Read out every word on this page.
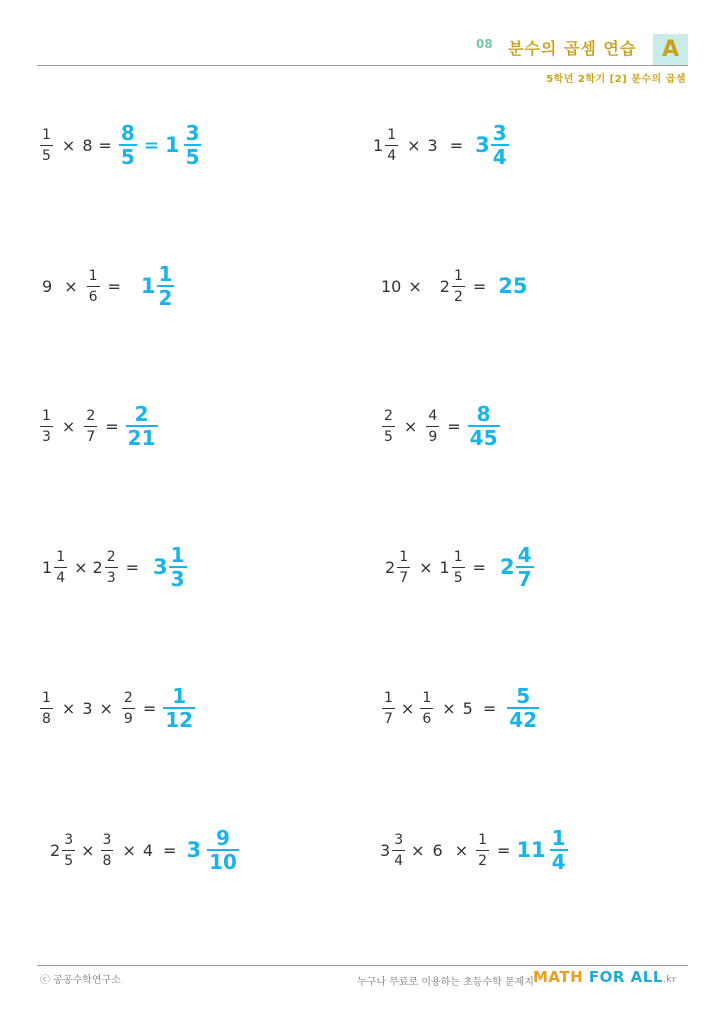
08 분수의 곱셈 연습	A
5학년 2학기 [2] 분수의 곱셈
$\frac{1}{5} \times 8 = \frac{8}{5} = 1 \frac{3}{5}$	$1 \frac{1}{4} \times 3 = 3 \frac{3}{4}$
$9 \times \frac{1}{6} = 1 \frac{1}{2}$	$10 \times 2 \frac{1}{2} = 25$
$\frac{1}{3} \times \frac{2}{7} = \frac{2}{21}$	$\frac{2}{5} \times \frac{4}{9} = \frac{8}{45}$
$1 \frac{1}{4} \times 2 \frac{2}{3} = 3 \frac{1}{3}$	$2 \frac{1}{7} \times 1 \frac{1}{5} = 2 \frac{4}{7}$
$\frac{1}{8} \times 3 \times \frac{2}{9} = \frac{1}{12}$	$\frac{1}{7} \times \frac{1}{6} \times 5 = \frac{5}{42}$
$2 \frac{3}{5} \times \frac{3}{8} \times 4 = 3 \frac{9}{10}$	$3 \frac{3}{4} \times 6 \times \frac{1}{2} = 11 \frac{1}{4}$
ⓒ 공공수학연구소	누구나 무료로 이용하는 초등수학 문제지 MATH FOR ALL.kr
